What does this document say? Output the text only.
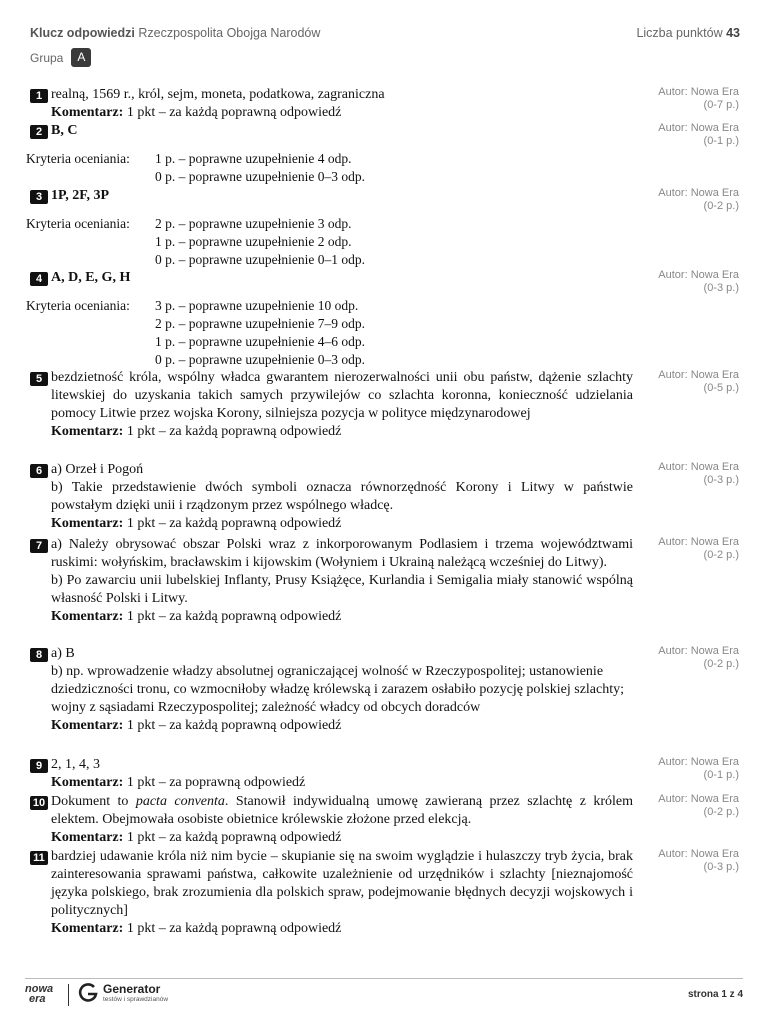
Klucz odpowiedzi Rzeczpospolita Obojga Narodów	Liczba punktów 43
Grupa	A
1 realną, 1569 r., król, sejm, moneta, podatkowa, zagraniczna
Komentarz: 1 pkt – za każdą poprawną odpowiedź
Autor: Nowa Era
(0-7 p.)
2 B, C	Autor: Nowa Era
(0-1 p.)
Kryteria oceniania: 1 p. – poprawne uzupełnienie 4 odp.
0 p. – poprawne uzupełnienie 0–3 odp.
3 1P, 2F, 3P	Autor: Nowa Era
(0-2 p.)
Kryteria oceniania: 2 p. – poprawne uzupełnienie 3 odp.
1 p. – poprawne uzupełnienie 2 odp.
0 p. – poprawne uzupełnienie 0–1 odp.
4 A, D, E, G, H	Autor: Nowa Era
(0-3 p.)
Kryteria oceniania: 3 p. – poprawne uzupełnienie 10 odp.
2 p. – poprawne uzupełnienie 7–9 odp.
1 p. – poprawne uzupełnienie 4–6 odp.
0 p. – poprawne uzupełnienie 0–3 odp.
5 bezdzietność króla, wspólny władca gwarantem nierozerwalności unii obu państw, dążenie szlachty litewskiej do uzyskania takich samych przywilejów co szlachta koronna, konieczność udzielania pomocy Litwie przez wojska Korony, silniejsza pozycja w polityce międzynarodowej
Komentarz: 1 pkt – za każdą poprawną odpowiedź
Autor: Nowa Era
(0-5 p.)
6 a) Orzeł i Pogoń
b) Takie przedstawienie dwóch symboli oznacza równorzędność Korony i Litwy w państwie powstałym dzięki unii i rządzonym przez wspólnego władcę.
Komentarz: 1 pkt – za każdą poprawną odpowiedź
Autor: Nowa Era
(0-3 p.)
7 a) Należy obrysować obszar Polski wraz z inkorporowanym Podlasiem i trzema województwami ruskimi: wołyńskim, bracławskim i kijowskim (Wołyniem i Ukrainą należącą wcześniej do Litwy).
b) Po zawarciu unii lubelskiej Inflanty, Prusy Książęce, Kurlandia i Semigalia miały stanowić wspólną własność Polski i Litwy.
Komentarz: 1 pkt – za każdą poprawną odpowiedź
Autor: Nowa Era
(0-2 p.)
8 a) B
b) np. wprowadzenie władzy absolutnej ograniczającej wolność w Rzeczypospolitej; ustanowienie dziedziczności tronu, co wzmocniłoby władzę królewską i zarazem osłabiło pozycję polskiej szlachty; wojny z sąsiadami Rzeczypospolitej; zależność władcy od obcych doradców
Komentarz: 1 pkt – za każdą poprawną odpowiedź
Autor: Nowa Era
(0-2 p.)
9 2, 1, 4, 3
Komentarz: 1 pkt – za poprawną odpowiedź
Autor: Nowa Era
(0-1 p.)
10 Dokument to pacta conventa. Stanowił indywidualną umowę zawieraną przez szlachtę z królem elektem. Obejmowała osobiste obietnice królewskie złożone przed elekcją.
Komentarz: 1 pkt – za każdą poprawną odpowiedź
Autor: Nowa Era
(0-2 p.)
11 bardziej udawanie króla niż nim bycie – skupianie się na swoim wyglądzie i hulaszczy tryb życia, brak zainteresowania sprawami państwa, całkowite uzależnienie od urzędników i szlachty [nieznajomość języka polskiego, brak zrozumienia dla polskich spraw, podejmowanie błędnych decyzji wojskowych i politycznych]
Komentarz: 1 pkt – za każdą poprawną odpowiedź
Autor: Nowa Era
(0-3 p.)
nowa
era
Generator
testów i sprawdzianów	strona 1 z 4
